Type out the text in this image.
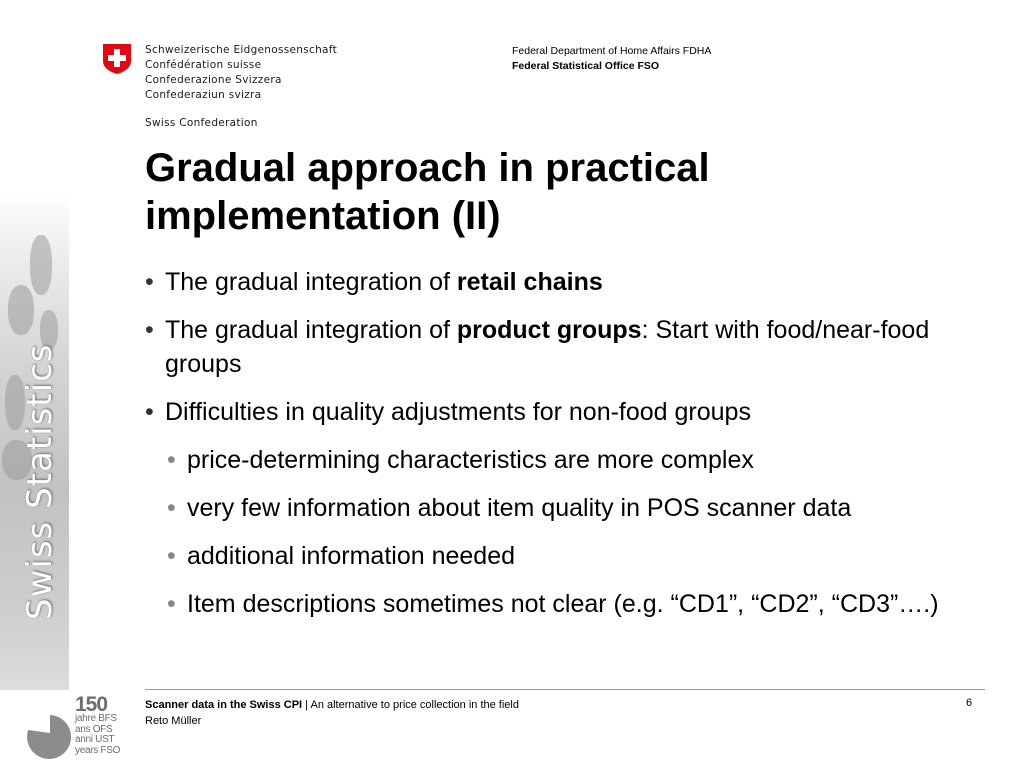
Schweizerische Eidgenossenschaft
Confédération suisse
Confederazione Svizzera
Confederaziun svizra
Swiss Confederation
Federal Department of Home Affairs FDHA
Federal Statistical Office FSO
Swiss Statistics
Gradual approach in practical
implementation (II)
• The gradual integration of retail chains
• The gradual integration of product groups: Start with food/near-food groups
• Difficulties in quality adjustments for non-food groups
• price-determining characteristics are more complex
• very few information about item quality in POS scanner data
• additional information needed
• Item descriptions sometimes not clear (e.g. “CD1”, “CD2”, “CD3”….)
150
jahre BFS
ans OFS
anni UST
years FSO
Scanner data in the Swiss CPI | An alternative to price collection in the field
Reto Müller
6
